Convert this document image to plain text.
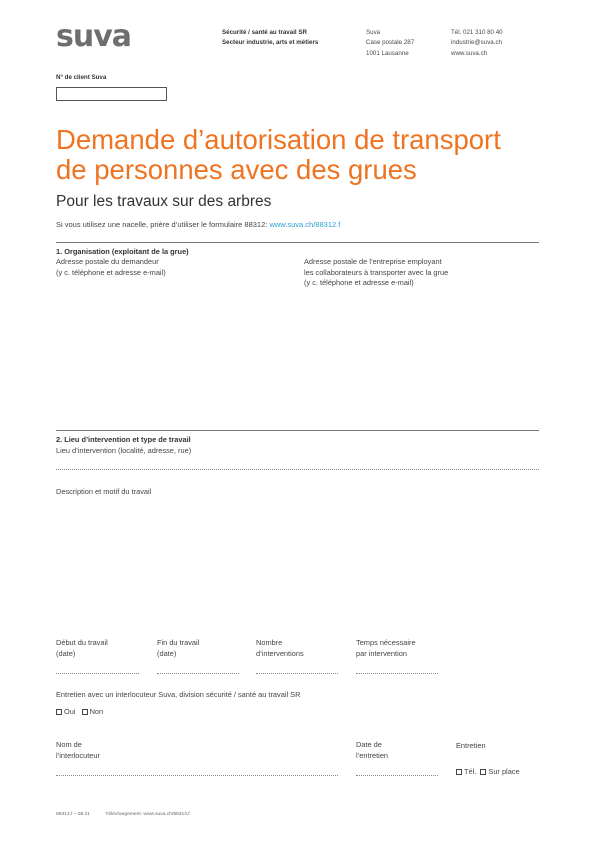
suva	Sécurité / santé au travail SR
Secteur industrie, arts et métiers
Suva
Case postale 287
1001 Lausanne
Tél. 021 310 80 40
industrie@suva.ch
www.suva.ch
N° de client Suva
Demande d’autorisation de transport
de personnes avec des grues
Pour les travaux sur des arbres
Si vous utilisez une nacelle, prière d’utiliser le formulaire 88312: www.suva.ch/88312.f
1. Organisation (exploitant de la grue)
Adresse postale du demandeur
(y c. téléphone et adresse e-mail)
Adresse postale de l’entreprise employant
les collaborateurs à transporter avec la grue
(y c. téléphone et adresse e-mail)
2. Lieu d’intervention et type de travail
Lieu d’intervention (localité, adresse, rue)
Description et motif du travail
Début du travail
(date)
Fin du travail
(date)
Nombre
d’interventions
Temps nécessaire
par intervention
Entretien avec un interlocuteur Suva, division sécurité / santé au travail SR
Oui Non
Nom de
l’interlocuteur
Date de
l’entretien
Entretien
Tél. Sur place
88313.f – 08.21	Téléchargement: www.suva.ch/88313.f
